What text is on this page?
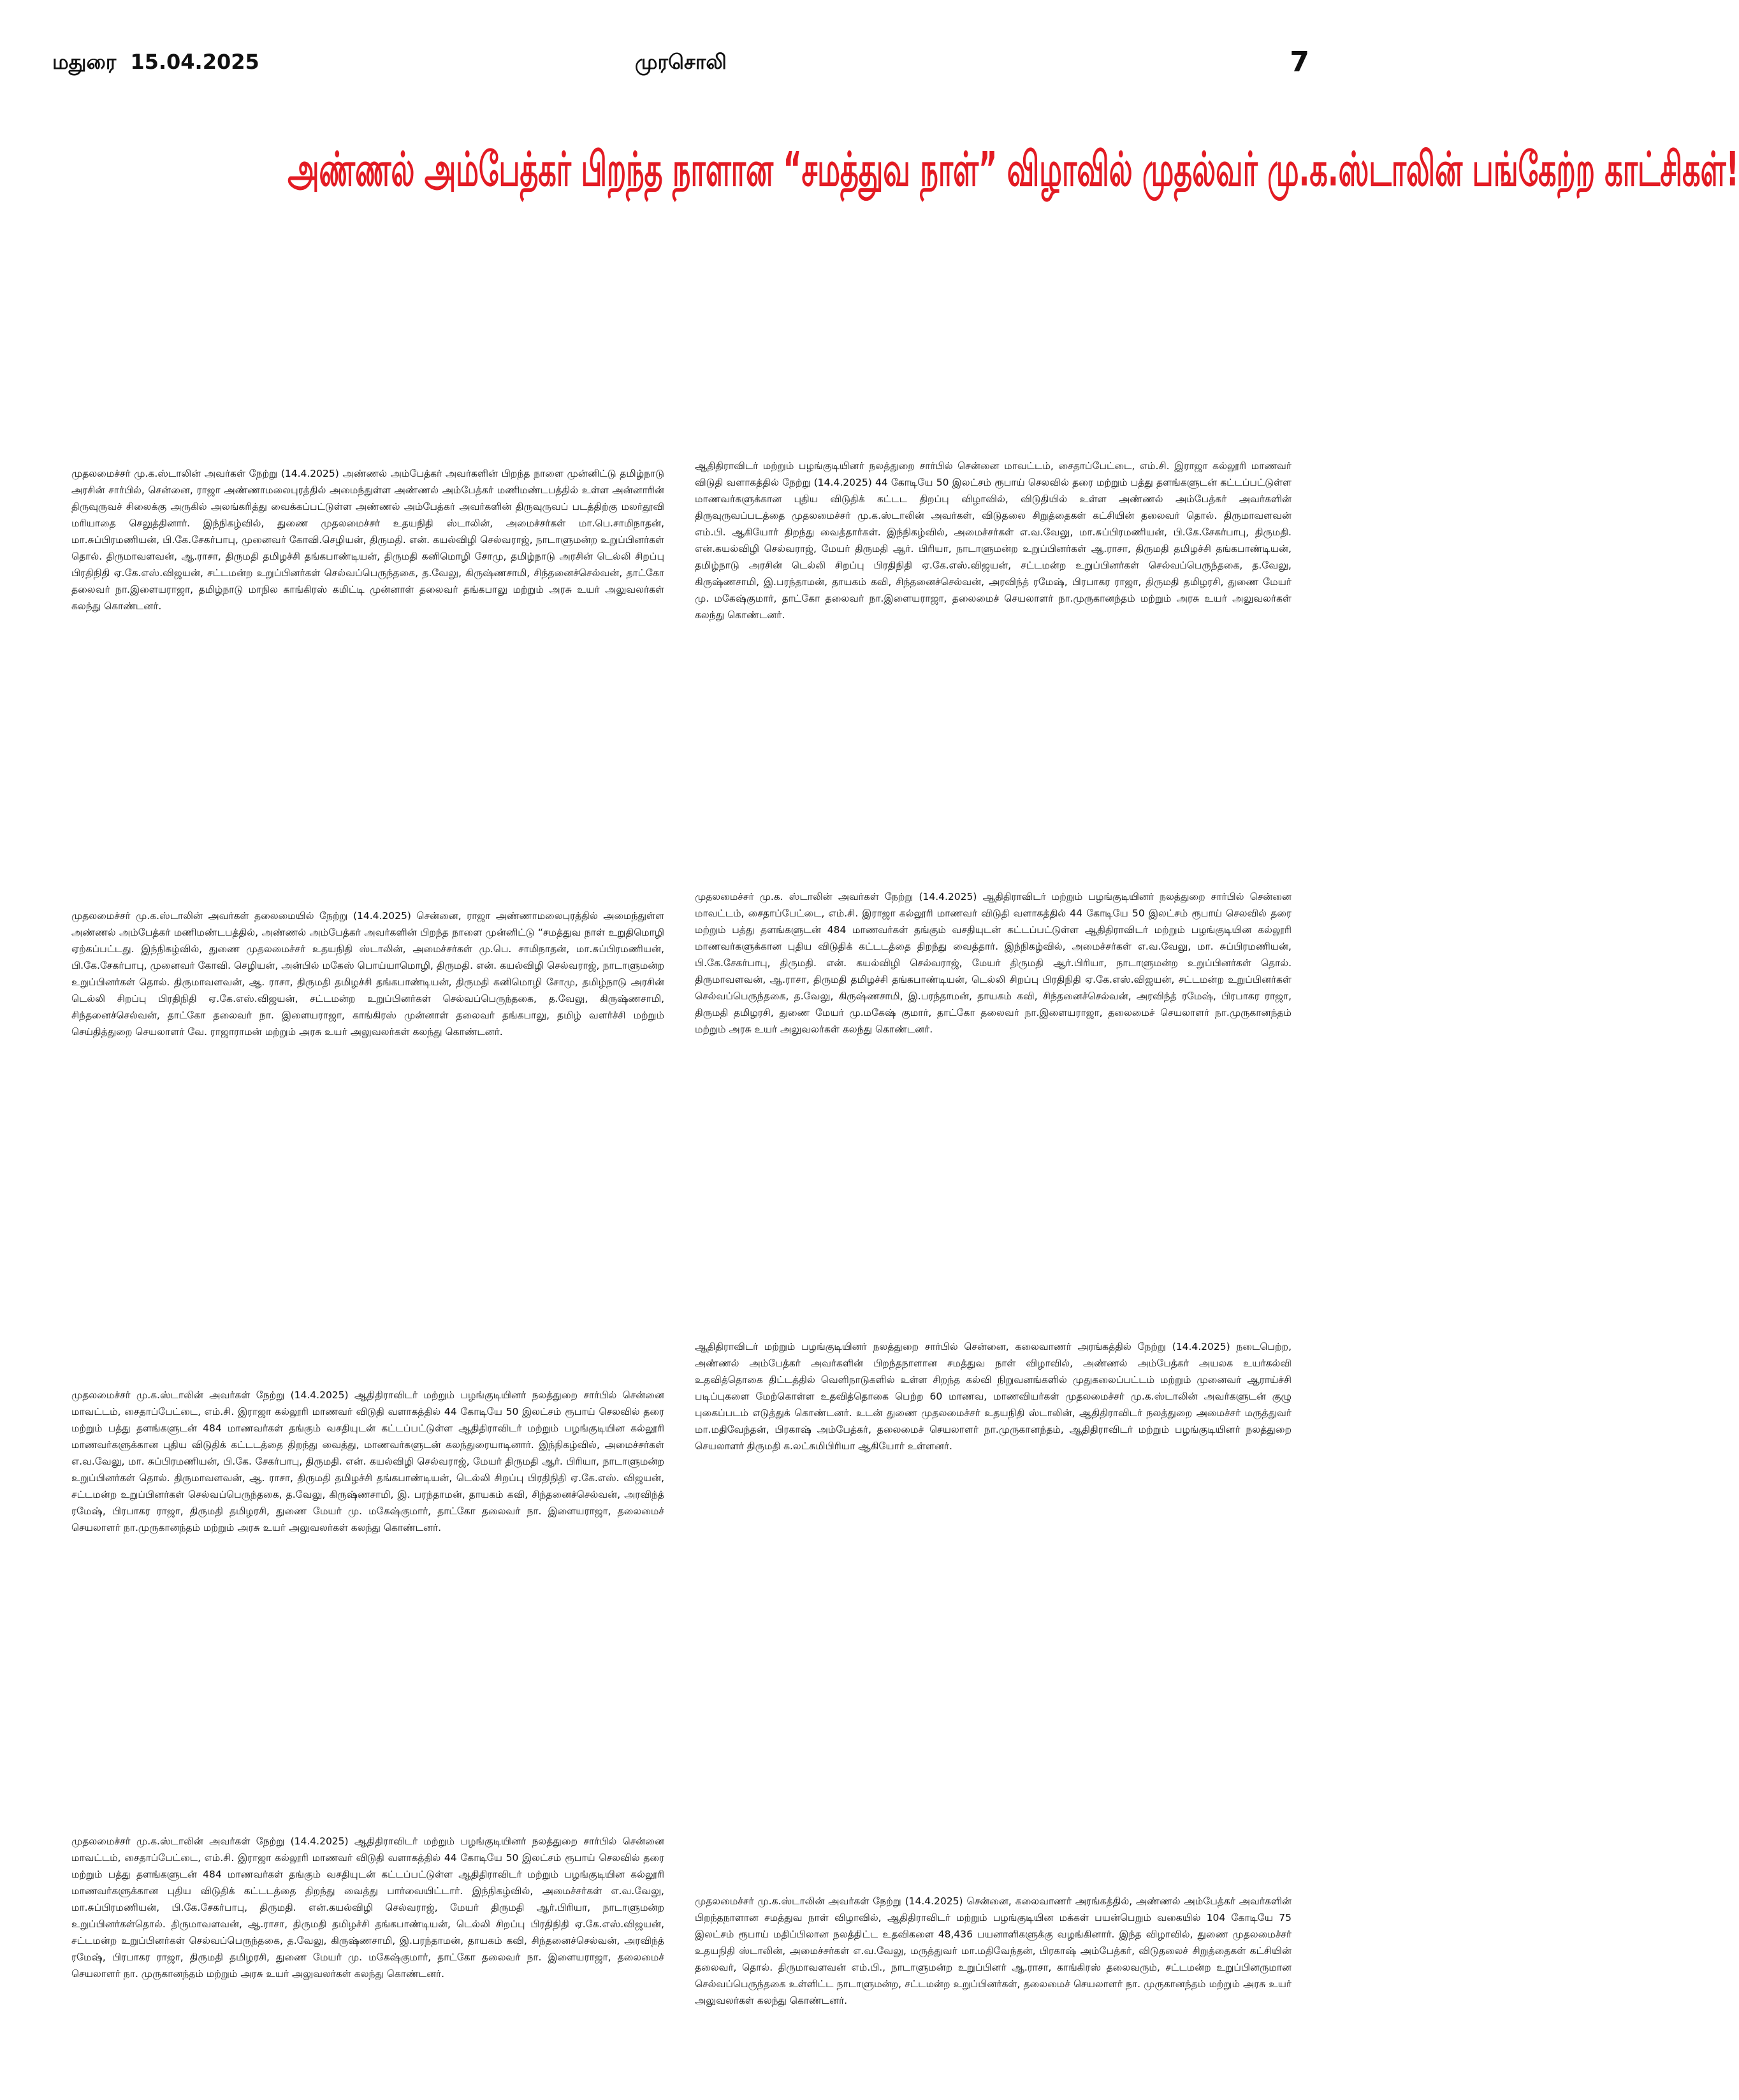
மதுரை 15.04.2025	முரசொலி	7
அண்ணல் அம்பேத்கர் பிறந்த நாளான “சமத்துவ நாள்” விழாவில் முதல்வர் மு.க.ஸ்டாலின் பங்கேற்ற காட்சிகள்!

முதலமைச்சர் மு.க.ஸ்டாலின் அவர்கள் நேற்று (14.4.2025) அண்ணல் அம்பேத்கர் அவர்களின் பிறந்த நாளை முன்னிட்டு தமிழ்நாடு அரசின் சார்பில், சென்னை, ராஜா அண்ணாமலைபுரத்தில் அமைந்துள்ள அண்ணல் அம்பேத்கர் மணிமண்டபத்தில் உள்ள அன்னாரின் திருவுருவச் சிலைக்கு அருகில் அலங்கரித்து வைக்கப்பட்டுள்ள அண்ணல் அம்பேத்கர் அவர்களின் திருவுருவப் படத்திற்கு மலர்தூவி மரியாதை செலுத்தினார். இந்நிகழ்வில், துணை முதலமைச்சர் உதயநிதி ஸ்டாலின், அமைச்சர்கள் மா.பெ.சாமிநாதன், மா.சுப்பிரமணியன், பி.கே.சேகர்பாபு, முனைவர் கோவி.செழியன், திருமதி. என். கயல்விழி செல்வராஜ், நாடாளுமன்ற உறுப்பினர்கள் தொல். திருமாவளவன், ஆ.ராசா, திருமதி தமிழச்சி தங்கபாண்டியன், திருமதி கனிமொழி சோமு, தமிழ்நாடு அரசின் டெல்லி சிறப்பு பிரதிநிதி ஏ.கே.எஸ்.விஜயன், சட்டமன்ற உறுப்பினர்கள் செல்வப்பெருந்தகை, த.வேலு, கிருஷ்ணசாமி, சிந்தனைச்செல்வன், தாட்கோ தலைவர் நா.இளையராஜா, தமிழ்நாடு மாநில காங்கிரஸ் கமிட்டி முன்னாள் தலைவர் தங்கபாலு மற்றும் அரசு உயர் அலுவலர்கள் கலந்து கொண்டனர்.

ஆதிதிராவிடர் மற்றும் பழங்குடியினர் நலத்துறை சார்பில் சென்னை மாவட்டம், சைதாப்பேட்டை, எம்.சி. இராஜா கல்லூரி மாணவர் விடுதி வளாகத்தில் நேற்று (14.4.2025) 44 கோடியே 50 இலட்சம் ரூபாய் செலவில் தரை மற்றும் பத்து தளங்களுடன் கட்டப்பட்டுள்ள மாணவர்களுக்கான புதிய விடுதிக் கட்டட திறப்பு விழாவில், விடுதியில் உள்ள அண்ணல் அம்பேத்கர் அவர்களின் திருவுருவப்படத்தை முதலமைச்சர் மு.க.ஸ்டாலின் அவர்கள், விடுதலை சிறுத்தைகள் கட்சியின் தலைவர் தொல். திருமாவளவன் எம்.பி. ஆகியோர் திறந்து வைத்தார்கள். இந்நிகழ்வில், அமைச்சர்கள் எ.வ.வேலு, மா.சுப்பிரமணியன், பி.கே.சேகர்பாபு, திருமதி. என்.கயல்விழி செல்வராஜ், மேயர் திருமதி ஆர். பிரியா, நாடாளுமன்ற உறுப்பினர்கள் ஆ.ராசா, திருமதி தமிழச்சி தங்கபாண்டியன், தமிழ்நாடு அரசின் டெல்லி சிறப்பு பிரதிநிதி ஏ.கே.எஸ்.விஜயன், சட்டமன்ற உறுப்பினர்கள் செல்வப்பெருந்தகை, த.வேலு, கிருஷ்ணசாமி, இ.பரந்தாமன், தாயகம் கவி, சிந்தனைச்செல்வன், அரவிந்த் ரமேஷ், பிரபாகர ராஜா, திருமதி தமிழரசி, துணை மேயர் மு. மகேஷ்குமார், தாட்கோ தலைவர் நா.இளையராஜா, தலைமைச் செயலாளர் நா.முருகானந்தம் மற்றும் அரசு உயர் அலுவலர்கள் கலந்து கொண்டனர்.

முதலமைச்சர் மு.க.ஸ்டாலின் அவர்கள் தலைமையில் நேற்று (14.4.2025) சென்னை, ராஜா அண்ணாமலைபுரத்தில் அமைந்துள்ள அண்ணல் அம்பேத்கர் மணிமண்டபத்தில், அண்ணல் அம்பேத்கர் அவர்களின் பிறந்த நாளை முன்னிட்டு “சமத்துவ நாள் உறுதிமொழி ஏற்கப்பட்டது. இந்நிகழ்வில், துணை முதலமைச்சர் உதயநிதி ஸ்டாலின், அமைச்சர்கள் மு.பெ. சாமிநாதன், மா.சுப்பிரமணியன், பி.கே.சேகர்பாபு, முனைவர் கோவி. செழியன், அன்பில் மகேஸ் பொய்யாமொழி, திருமதி. என். கயல்விழி செல்வராஜ், நாடாளுமன்ற உறுப்பினர்கள் தொல். திருமாவளவன், ஆ. ராசா, திருமதி தமிழச்சி தங்கபாண்டியன், திருமதி கனிமொழி சோமு, தமிழ்நாடு அரசின் டெல்லி சிறப்பு பிரதிநிதி ஏ.கே.எஸ்.விஜயன், சட்டமன்ற உறுப்பினர்கள் செல்வப்பெருந்தகை, த.வேலு, கிருஷ்ணசாமி, சிந்தனைச்செல்வன், தாட்கோ தலைவர் நா. இளையராஜா, காங்கிரஸ் முன்னாள் தலைவர் தங்கபாலு, தமிழ் வளர்ச்சி மற்றும் செய்தித்துறை செயலாளர் வே. ராஜாராமன் மற்றும் அரசு உயர் அலுவலர்கள் கலந்து கொண்டனர்.

முதலமைச்சர் மு.க. ஸ்டாலின் அவர்கள் நேற்று (14.4.2025) ஆதிதிராவிடர் மற்றும் பழங்குடியினர் நலத்துறை சார்பில் சென்னை மாவட்டம், சைதாப்பேட்டை, எம்.சி. இராஜா கல்லூரி மாணவர் விடுதி வளாகத்தில் 44 கோடியே 50 இலட்சம் ரூபாய் செலவில் தரை மற்றும் பத்து தளங்களுடன் 484 மாணவர்கள் தங்கும் வசதியுடன் கட்டப்பட்டுள்ள ஆதிதிராவிடர் மற்றும் பழங்குடியின கல்லூரி மாணவர்களுக்கான புதிய விடுதிக் கட்டடத்தை திறந்து வைத்தார். இந்நிகழ்வில், அமைச்சர்கள் எ.வ.வேலு, மா. சுப்பிரமணியன், பி.கே.சேகர்பாபு, திருமதி. என். கயல்விழி செல்வராஜ், மேயர் திருமதி ஆர்.பிரியா, நாடாளுமன்ற உறுப்பினர்கள் தொல். திருமாவளவன், ஆ.ராசா, திருமதி தமிழச்சி தங்கபாண்டியன், டெல்லி சிறப்பு பிரதிநிதி ஏ.கே.எஸ்.விஜயன், சட்டமன்ற உறுப்பினர்கள் செல்வப்பெருந்தகை, த.வேலு, கிருஷ்ணசாமி, இ.பரந்தாமன், தாயகம் கவி, சிந்தனைச்செல்வன், அரவிந்த் ரமேஷ், பிரபாகர ராஜா, திருமதி தமிழரசி, துணை மேயர் மு.மகேஷ் குமார், தாட்கோ தலைவர் நா.இளையராஜா, தலைமைச் செயலாளர் நா.முருகானந்தம் மற்றும் அரசு உயர் அலுவலர்கள் கலந்து கொண்டனர்.

முதலமைச்சர் மு.க.ஸ்டாலின் அவர்கள் நேற்று (14.4.2025) ஆதிதிராவிடர் மற்றும் பழங்குடியினர் நலத்துறை சார்பில் சென்னை மாவட்டம், சைதாப்பேட்டை, எம்.சி. இராஜா கல்லூரி மாணவர் விடுதி வளாகத்தில் 44 கோடியே 50 இலட்சம் ரூபாய் செலவில் தரை மற்றும் பத்து தளங்களுடன் 484 மாணவர்கள் தங்கும் வசதியுடன் கட்டப்பட்டுள்ள ஆதிதிராவிடர் மற்றும் பழங்குடியின கல்லூரி மாணவர்களுக்கான புதிய விடுதிக் கட்டடத்தை திறந்து வைத்து, மாணவர்களுடன் கலந்துரையாடினார். இந்நிகழ்வில், அமைச்சர்கள் எ.வ.வேலு, மா. சுப்பிரமணியன், பி.கே. சேகர்பாபு, திருமதி. என். கயல்விழி செல்வராஜ், மேயர் திருமதி ஆர். பிரியா, நாடாளுமன்ற உறுப்பினர்கள் தொல். திருமாவளவன், ஆ. ராசா, திருமதி தமிழச்சி தங்கபாண்டியன், டெல்லி சிறப்பு பிரதிநிதி ஏ.கே.எஸ். விஜயன், சட்டமன்ற உறுப்பினர்கள் செல்வப்பெருந்தகை, த.வேலு, கிருஷ்ணசாமி, இ. பரந்தாமன், தாயகம் கவி, சிந்தனைச்செல்வன், அரவிந்த் ரமேஷ், பிரபாகர ராஜா, திருமதி தமிழரசி, துணை மேயர் மு. மகேஷ்குமார், தாட்கோ தலைவர் நா. இளையராஜா, தலைமைச் செயலாளர் நா.முருகானந்தம் மற்றும் அரசு உயர் அலுவலர்கள் கலந்து கொண்டனர்.

ஆதிதிராவிடர் மற்றும் பழங்குடியினர் நலத்துறை சார்பில் சென்னை, கலைவாணர் அரங்கத்தில் நேற்று (14.4.2025) நடைபெற்ற, அண்ணல் அம்பேத்கர் அவர்களின் பிறந்தநாளான சமத்துவ நாள் விழாவில், அண்ணல் அம்பேத்கர் அயலக உயர்கல்வி உதவித்தொகை திட்டத்தில் வெளிநாடுகளில் உள்ள சிறந்த கல்வி நிறுவனங்களில் முதுகலைப்பட்டம் மற்றும் முனைவர் ஆராய்ச்சி படிப்புகளை மேற்கொள்ள உதவித்தொகை பெற்ற 60 மாணவ, மாணவியர்கள் முதலமைச்சர் மு.க.ஸ்டாலின் அவர்களுடன் குழு புகைப்படம் எடுத்துக் கொண்டனர். உடன் துணை முதலமைச்சர் உதயநிதி ஸ்டாலின், ஆதிதிராவிடர் நலத்துறை அமைச்சர் மருத்துவர் மா.மதிவேந்தன், பிரகாஷ் அம்பேத்கர், தலைமைச் செயலாளர் நா.முருகானந்தம், ஆதிதிராவிடர் மற்றும் பழங்குடியினர் நலத்துறை செயலாளர் திருமதி க.லட்சுமிபிரியா ஆகியோர் உள்ளனர்.

முதலமைச்சர் மு.க.ஸ்டாலின் அவர்கள் நேற்று (14.4.2025) ஆதிதிராவிடர் மற்றும் பழங்குடியினர் நலத்துறை சார்பில் சென்னை மாவட்டம், சைதாப்பேட்டை, எம்.சி. இராஜா கல்லூரி மாணவர் விடுதி வளாகத்தில் 44 கோடியே 50 இலட்சம் ரூபாய் செலவில் தரை மற்றும் பத்து தளங்களுடன் 484 மாணவர்கள் தங்கும் வசதியுடன் கட்டப்பட்டுள்ள ஆதிதிராவிடர் மற்றும் பழங்குடியின கல்லூரி மாணவர்களுக்கான புதிய விடுதிக் கட்டடத்தை திறந்து வைத்து பார்வையிட்டார். இந்நிகழ்வில், அமைச்சர்கள் எ.வ.வேலு, மா.சுப்பிரமணியன், பி.கே.சேகர்பாபு, திருமதி. என்.கயல்விழி செல்வராஜ், மேயர் திருமதி ஆர்.பிரியா, நாடாளுமன்ற உறுப்பினர்கள்தொல். திருமாவளவன், ஆ.ராசா, திருமதி தமிழச்சி தங்கபாண்டியன், டெல்லி சிறப்பு பிரதிநிதி ஏ.கே.எஸ்.விஜயன், சட்டமன்ற உறுப்பினர்கள் செல்வப்பெருந்தகை, த.வேலு, கிருஷ்ணசாமி, இ.பரந்தாமன், தாயகம் கவி, சிந்தனைச்செல்வன், அரவிந்த் ரமேஷ், பிரபாகர ராஜா, திருமதி தமிழரசி, துணை மேயர் மு. மகேஷ்குமார், தாட்கோ தலைவர் நா. இளையராஜா, தலைமைச் செயலாளர் நா. முருகானந்தம் மற்றும் அரசு உயர் அலுவலர்கள் கலந்து கொண்டனர்.

முதலமைச்சர் மு.க.ஸ்டாலின் அவர்கள் நேற்று (14.4.2025) சென்னை, கலைவாணர் அரங்கத்தில், அண்ணல் அம்பேத்கர் அவர்களின் பிறந்தநாளான சமத்துவ நாள் விழாவில், ஆதிதிராவிடர் மற்றும் பழங்குடியின மக்கள் பயன்பெறும் வகையில் 104 கோடியே 75 இலட்சம் ரூபாய் மதிப்பிலான நலத்திட்ட உதவிகளை 48,436 பயனாளிகளுக்கு வழங்கினார். இந்த விழாவில், துணை முதலமைச்சர் உதயநிதி ஸ்டாலின், அமைச்சர்கள் எ.வ.வேலு, மருத்துவர் மா.மதிவேந்தன், பிரகாஷ் அம்பேத்கர், விடுதலைச் சிறுத்தைகள் கட்சியின் தலைவர், தொல். திருமாவளவன் எம்.பி., நாடாளுமன்ற உறுப்பினர் ஆ.ராசா, காங்கிரஸ் தலைவரும், சட்டமன்ற உறுப்பினருமான செல்வப்பெருந்தகை உள்ளிட்ட நாடாளுமன்ற, சட்டமன்ற உறுப்பினர்கள், தலைமைச் செயலாளர் நா. முருகானந்தம் மற்றும் அரசு உயர் அலுவலர்கள் கலந்து கொண்டனர்.
